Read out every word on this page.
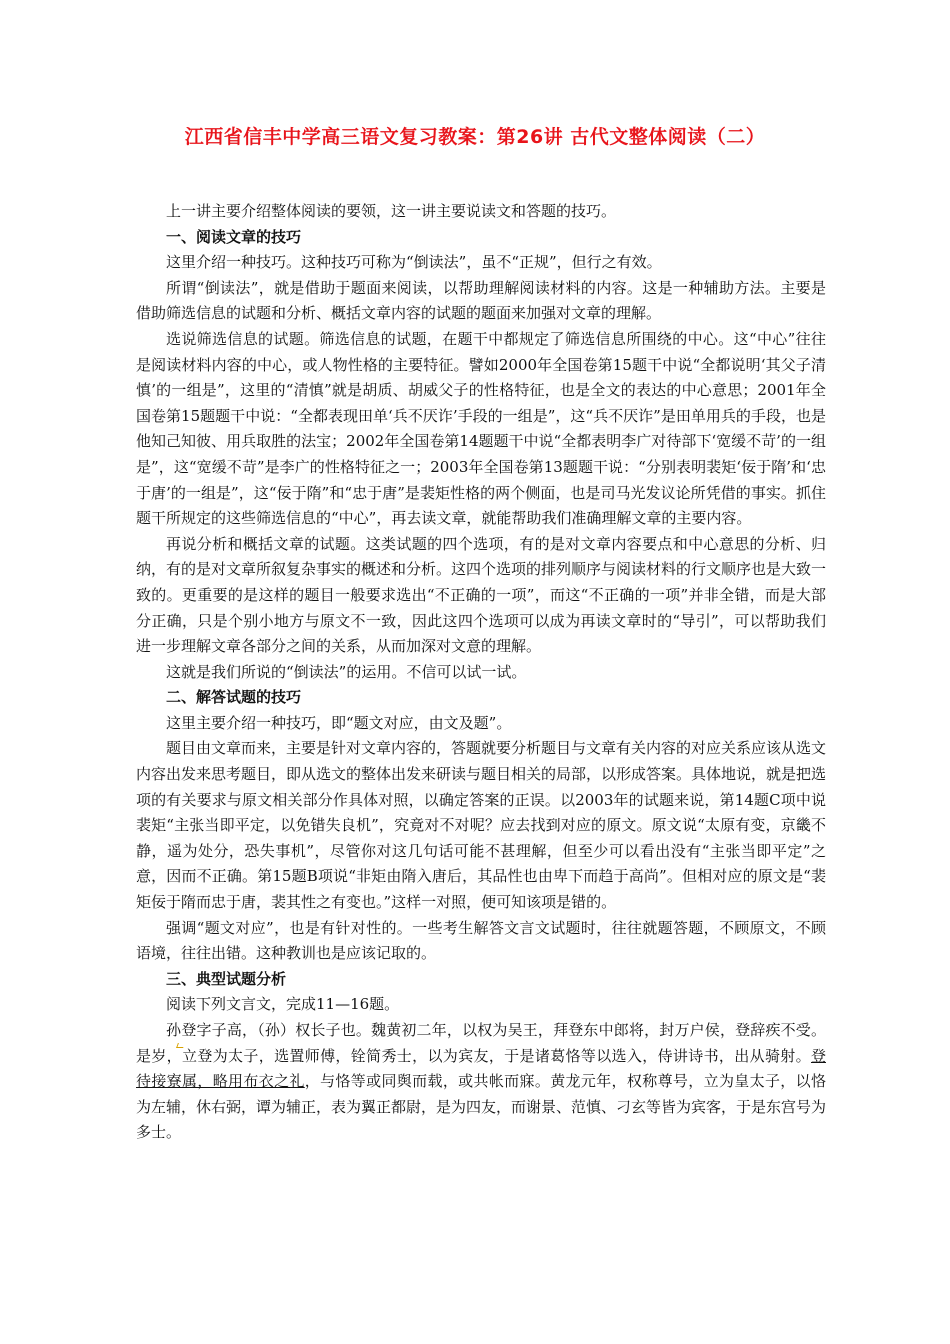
江西省信丰中学高三语文复习教案：第26讲 古代文整体阅读（二）

上一讲主要介绍整体阅读的要领，这一讲主要说读文和答题的技巧。

一、阅读文章的技巧

这里介绍一种技巧。这种技巧可称为“倒读法”，虽不“正规”，但行之有效。

所谓“倒读法”，就是借助于题面来阅读，以帮助理解阅读材料的内容。这是一种辅助方法。主要是借助筛选信息的试题和分析、概括文章内容的试题的题面来加强对文章的理解。

选说筛选信息的试题。筛选信息的试题，在题干中都规定了筛选信息所围绕的中心。这“中心”往往是阅读材料内容的中心，或人物性格的主要特征。譬如2000年全国卷第15题干中说“全都说明‘其父子清慎’的一组是”，这里的“清慎”就是胡质、胡威父子的性格特征，也是全文的表达的中心意思；2001年全国卷第15题题干中说：“全都表现田单‘兵不厌诈’手段的一组是”，这“兵不厌诈”是田单用兵的手段，也是他知己知彼、用兵取胜的法宝；2002年全国卷第14题题干中说“全都表明李广对待部下‘宽缓不苛’的一组是”，这“宽缓不苛”是李广的性格特征之一；2003年全国卷第13题题干说：“分别表明裴矩‘佞于隋’和‘忠于唐’的一组是”，这“佞于隋”和“忠于唐”是裴矩性格的两个侧面，也是司马光发议论所凭借的事实。抓住题干所规定的这些筛选信息的“中心”，再去读文章，就能帮助我们准确理解文章的主要内容。

再说分析和概括文章的试题。这类试题的四个选项，有的是对文章内容要点和中心意思的分析、归纳，有的是对文章所叙复杂事实的概述和分析。这四个选项的排列顺序与阅读材料的行文顺序也是大致一致的。更重要的是这样的题目一般要求选出“不正确的一项”，而这“不正确的一项”并非全错，而是大部分正确，只是个别小地方与原文不一致，因此这四个选项可以成为再读文章时的“导引”，可以帮助我们进一步理解文章各部分之间的关系，从而加深对文意的理解。

这就是我们所说的“倒读法”的运用。不信可以试一试。

二、解答试题的技巧

这里主要介绍一种技巧，即“题文对应，由文及题”。

题目由文章而来，主要是针对文章内容的，答题就要分析题目与文章有关内容的对应关系应该从选文内容出发来思考题目，即从选文的整体出发来研读与题目相关的局部，以形成答案。具体地说，就是把选项的有关要求与原文相关部分作具体对照，以确定答案的正误。以2003年的试题来说，第14题C项中说裴矩“主张当即平定，以免错失良机”，究竟对不对呢？应去找到对应的原文。原文说“太原有变，京畿不静，遥为处分，恐失事机”，尽管你对这几句话可能不甚理解，但至少可以看出没有“主张当即平定”之意，因而不正确。第15题B项说“非矩由隋入唐后，其品性也由卑下而趋于高尚”。但相对应的原文是“裴矩佞于隋而忠于唐，裴其性之有变也。”这样一对照，便可知该项是错的。

强调“题文对应”，也是有针对性的。一些考生解答文言文试题时，往往就题答题，不顾原文，不顾语境，往往出错。这种教训也是应该记取的。

三、典型试题分析

阅读下列文言文，完成11—16题。

孙登字子高，（孙）权长子也。魏黄初二年，以权为吴王，拜登东中郎将，封万户侯，登辞疾不受。是岁，立登为太子，选置师傅，铨简秀士，以为宾友，于是诸葛恪等以选入，侍讲诗书，出从骑射。登待接寮属，略用布衣之礼，与恪等或同舆而载，或共帐而寐。黄龙元年，权称尊号，立为皇太子，以恪为左辅，休右弼，谭为辅正，表为翼正都尉，是为四友，而谢景、范慎、刁玄等皆为宾客，于是东宫号为多士。
